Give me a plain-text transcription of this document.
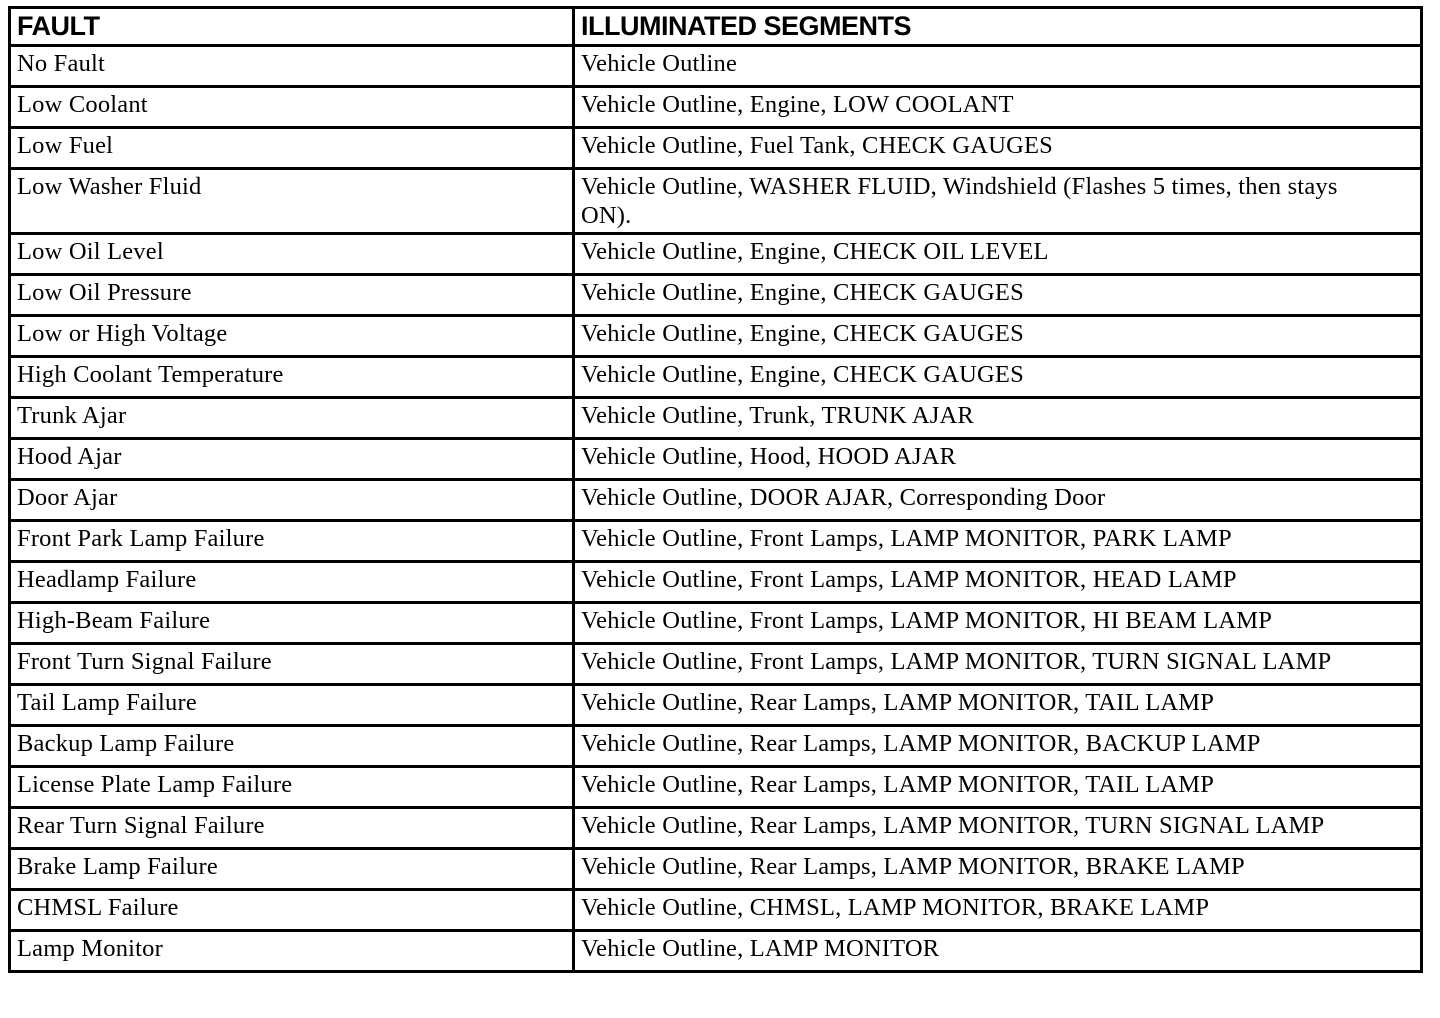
FAULT	ILLUMINATED SEGMENTS
No Fault	Vehicle Outline
Low Coolant	Vehicle Outline, Engine, LOW COOLANT
Low Fuel	Vehicle Outline, Fuel Tank, CHECK GAUGES
Low Washer Fluid	Vehicle Outline, WASHER FLUID, Windshield (Flashes 5 times, then stays ON).
Low Oil Level	Vehicle Outline, Engine, CHECK OIL LEVEL
Low Oil Pressure	Vehicle Outline, Engine, CHECK GAUGES
Low or High Voltage	Vehicle Outline, Engine, CHECK GAUGES
High Coolant Temperature	Vehicle Outline, Engine, CHECK GAUGES
Trunk Ajar	Vehicle Outline, Trunk, TRUNK AJAR
Hood Ajar	Vehicle Outline, Hood, HOOD AJAR
Door Ajar	Vehicle Outline, DOOR AJAR, Corresponding Door
Front Park Lamp Failure	Vehicle Outline, Front Lamps, LAMP MONITOR, PARK LAMP
Headlamp Failure	Vehicle Outline, Front Lamps, LAMP MONITOR, HEAD LAMP
High-Beam Failure	Vehicle Outline, Front Lamps, LAMP MONITOR, HI BEAM LAMP
Front Turn Signal Failure	Vehicle Outline, Front Lamps, LAMP MONITOR, TURN SIGNAL LAMP
Tail Lamp Failure	Vehicle Outline, Rear Lamps, LAMP MONITOR, TAIL LAMP
Backup Lamp Failure	Vehicle Outline, Rear Lamps, LAMP MONITOR, BACKUP LAMP
License Plate Lamp Failure	Vehicle Outline, Rear Lamps, LAMP MONITOR, TAIL LAMP
Rear Turn Signal Failure	Vehicle Outline, Rear Lamps, LAMP MONITOR, TURN SIGNAL LAMP
Brake Lamp Failure	Vehicle Outline, Rear Lamps, LAMP MONITOR, BRAKE LAMP
CHMSL Failure	Vehicle Outline, CHMSL, LAMP MONITOR, BRAKE LAMP
Lamp Monitor	Vehicle Outline, LAMP MONITOR
